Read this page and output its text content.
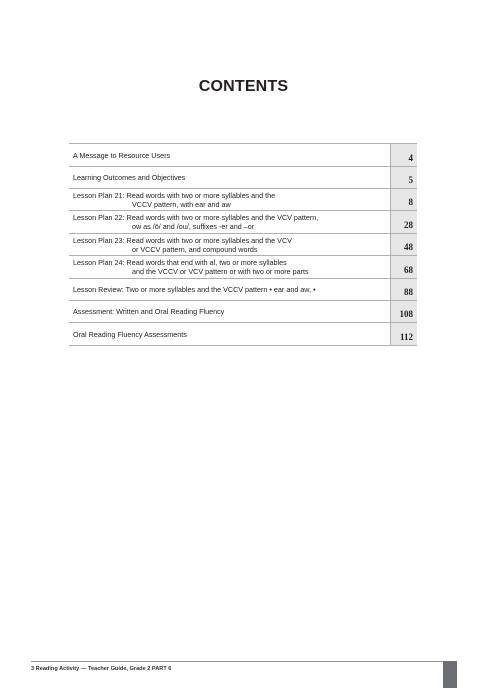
CONTENTS
A Message to Resource Users	4
Learning Outcomes and Objectives	5
Lesson Plan 21: Read words with two or more syllables and the
VCCV pattern, with ear and aw	8
Lesson Plan 22: Read words with two or more syllables and the VCV pattern,
ow as /ō/ and /ou/, suffixes -er and –or	28
Lesson Plan 23: Read words with two or more syllables and the VCV
or VCCV pattern, and compound words	48
Lesson Plan 24: Read words that end with al, two or more syllables
and the VCCV or VCV pattern or with two or more parts	68
Lesson Review: Two or more syllables and the VCCV pattern • ear and aw, •	88
Assessment: Written and Oral Reading Fluency	108
Oral Reading Fluency Assessments	112
3 Reading Activity — Teacher Guide, Grade 2 PART 6
